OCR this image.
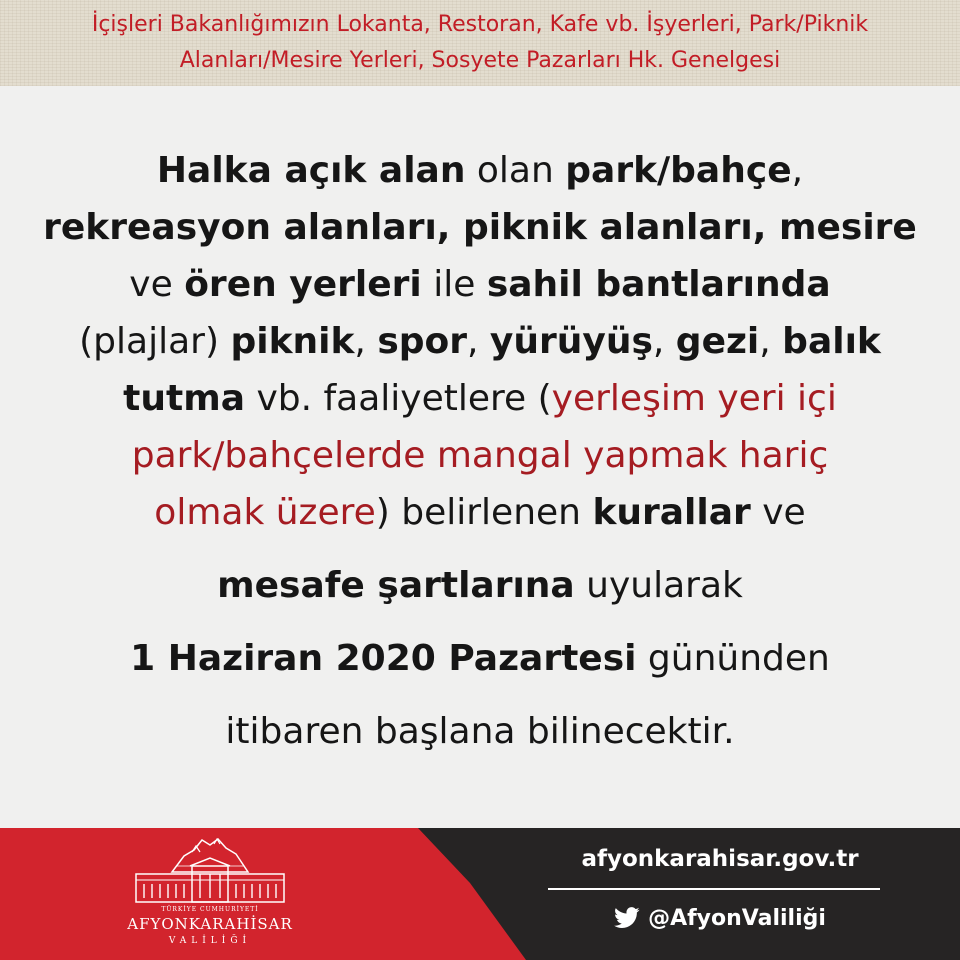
İçişleri Bakanlığımızın Lokanta, Restoran, Kafe vb. İşyerleri, Park/Piknik
Alanları/Mesire Yerleri, Sosyete Pazarları Hk. Genelgesi
Halka açık alan olan park/bahçe,
rekreasyon alanları, piknik alanları, mesire
ve ören yerleri ile sahil bantlarında
(plajlar) piknik, spor, yürüyüş, gezi, balık
tutma vb. faaliyetlere (yerleşim yeri içi
park/bahçelerde mangal yapmak hariç
olmak üzere) belirlenen kurallar ve
mesafe şartlarına uyularak
1 Haziran 2020 Pazartesi gününden
itibaren başlana bilinecektir.
TÜRKİYE CUMHURİYETİ
AFYONKARAHİSAR
VALİLİĞİ
afyonkarahisar.gov.tr
@AfyonValiliği
